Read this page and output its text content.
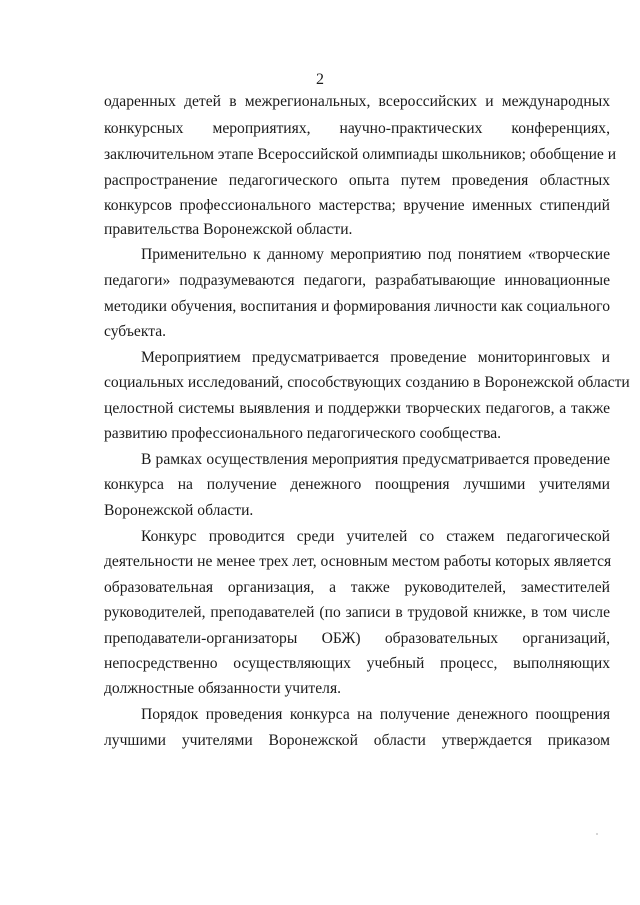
2
одаренных детей в межрегиональных, всероссийских и международных
конкурсных мероприятиях, научно-практических конференциях,
заключительном этапе Всероссийской олимпиады школьников; обобщение и
распространение педагогического опыта путем проведения областных
конкурсов профессионального мастерства; вручение именных стипендий
правительства Воронежской области.
Применительно к данному мероприятию под понятием «творческие
педагоги» подразумеваются педагоги, разрабатывающие инновационные
методики обучения, воспитания и формирования личности как социального
субъекта.
Мероприятием предусматривается проведение мониторинговых и
социальных исследований, способствующих созданию в Воронежской области
целостной системы выявления и поддержки творческих педагогов, а также
развитию профессионального педагогического сообщества.
В рамках осуществления мероприятия предусматривается проведение
конкурса на получение денежного поощрения лучшими учителями
Воронежской области.
Конкурс проводится среди учителей со стажем педагогической
деятельности не менее трех лет, основным местом работы которых является
образовательная организация, а также руководителей, заместителей
руководителей, преподавателей (по записи в трудовой книжке, в том числе
преподаватели-организаторы ОБЖ) образовательных организаций,
непосредственно осуществляющих учебный процесс, выполняющих
должностные обязанности учителя.
Порядок проведения конкурса на получение денежного поощрения
лучшими учителями Воронежской области утверждается приказом
